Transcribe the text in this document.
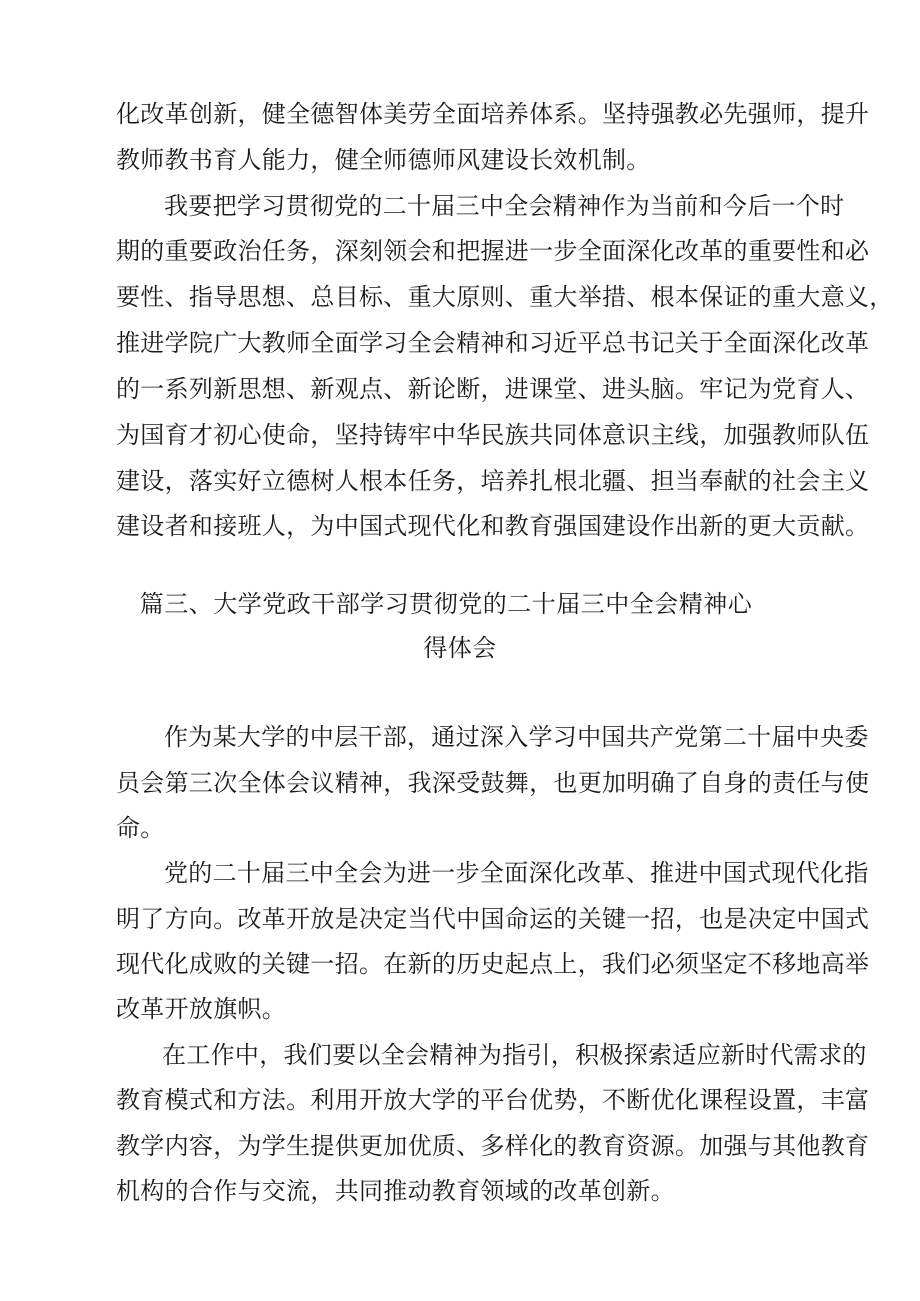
化改革创新，健全德智体美劳全面培养体系。坚持强教必先强师，提升
教师教书育人能力，健全师德师风建设长效机制。
我要把学习贯彻党的二十届三中全会精神作为当前和今后一个时
期的重要政治任务，深刻领会和把握进一步全面深化改革的重要性和必
要性、指导思想、总目标、重大原则、重大举措、根本保证的重大意义，
推进学院广大教师全面学习全会精神和习近平总书记关于全面深化改革
的一系列新思想、新观点、新论断，进课堂、进头脑。牢记为党育人、
为国育才初心使命，坚持铸牢中华民族共同体意识主线，加强教师队伍
建设，落实好立德树人根本任务，培养扎根北疆、担当奉献的社会主义
建设者和接班人，为中国式现代化和教育强国建设作出新的更大贡献。
篇三、大学党政干部学习贯彻党的二十届三中全会精神心
得体会
作为某大学的中层干部，通过深入学习中国共产党第二十届中央委
员会第三次全体会议精神，我深受鼓舞，也更加明确了自身的责任与使
命。
党的二十届三中全会为进一步全面深化改革、推进中国式现代化指
明了方向。改革开放是决定当代中国命运的关键一招，也是决定中国式
现代化成败的关键一招。在新的历史起点上，我们必须坚定不移地高举
改革开放旗帜。
在工作中，我们要以全会精神为指引，积极探索适应新时代需求的
教育模式和方法。利用开放大学的平台优势，不断优化课程设置，丰富
教学内容，为学生提供更加优质、多样化的教育资源。加强与其他教育
机构的合作与交流，共同推动教育领域的改革创新。
